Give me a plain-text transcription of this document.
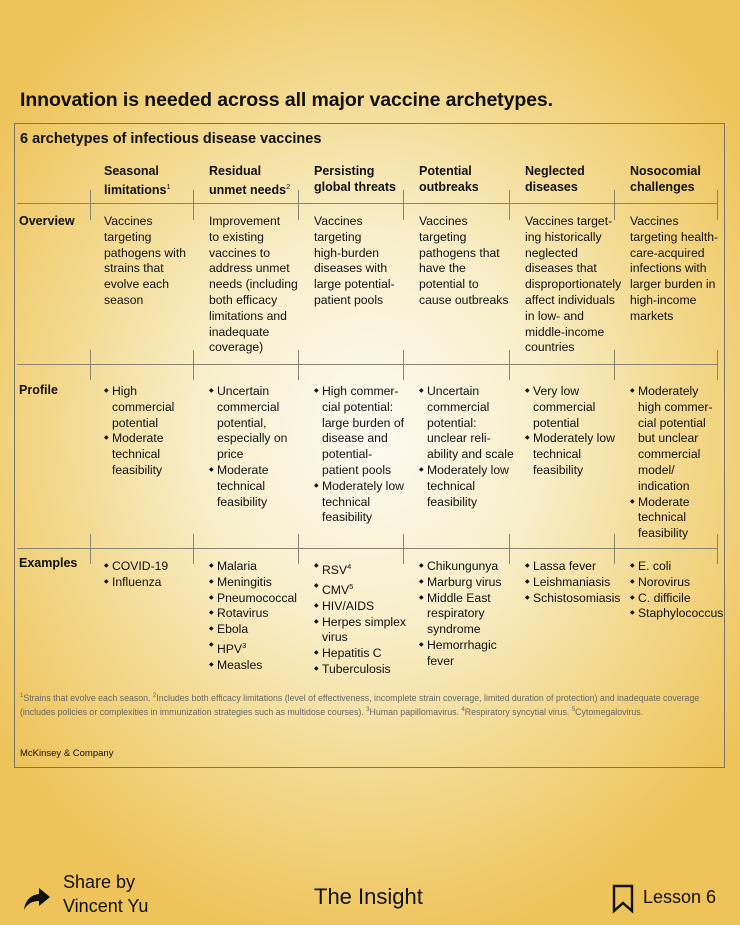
Innovation is needed across all major vaccine archetypes.
6 archetypes of infectious disease vaccines
Overview
Profile
Examples
Seasonal
limitations$^1$
Vaccines
targeting
pathogens with
strains that
evolve each
season
◆ High
commercial
potential
◆ Moderate
technical
feasibility
◆ COVID-19
◆ Influenza
Residual
unmet needs$^2$
Improvement
to existing
vaccines to
address unmet
needs (including
both efficacy
limitations and
inadequate
coverage)
◆ Uncertain
commercial
potential,
especially on
price
◆ Moderate
technical
feasibility
◆ Malaria
◆ Meningitis
◆ Pneumococcal
◆ Rotavirus
◆ Ebola
◆ HPV$^3$
◆ Measles
Persisting
global threats
Vaccines
targeting
high-burden
diseases with
large potential-
patient pools
◆ High commer-
cial potential:
large burden of
disease and
potential-
patient pools
◆ Moderately low
technical
feasibility
◆ RSV$^4$
◆ CMV$^5$
◆ HIV/AIDS
◆ Herpes simplex
virus
◆ Hepatitis C
◆ Tuberculosis
Potential
outbreaks
Vaccines
targeting
pathogens that
have the
potential to
cause outbreaks
◆ Uncertain
commercial
potential:
unclear reli-
ability and scale
◆ Moderately low
technical
feasibility
◆ Chikungunya
◆ Marburg virus
◆ Middle East
respiratory
syndrome
◆ Hemorrhagic
fever
Neglected
diseases
Vaccines target-
ing historically
neglected
diseases that
disproportionately
affect individuals
in low- and
middle-income
countries
◆ Very low
commercial
potential
◆ Moderately low
technical
feasibility
◆ Lassa fever
◆ Leishmaniasis
◆ Schistosomiasis
Nosocomial
challenges
Vaccines
targeting health-
care-acquired
infections with
larger burden in
high-income
markets
◆ Moderately
high commer-
cial potential
but unclear
commercial
model/
indication
◆ Moderate
technical
feasibility
◆ E. coli
◆ Norovirus
◆ C. difficile
◆ Staphylococcus
$^1$Strains that evolve each season. $^2$Includes both efficacy limitations (level of effectiveness, incomplete strain coverage, limited duration of protection) and inadequate coverage (includes policies or complexities in immunization strategies such as multidose courses). $^3$Human papillomavirus. $^4$Respiratory syncytial virus. $^5$Cytomegalovirus.
McKinsey & Company
Share by
Vincent Yu	The Insight	Lesson 6
